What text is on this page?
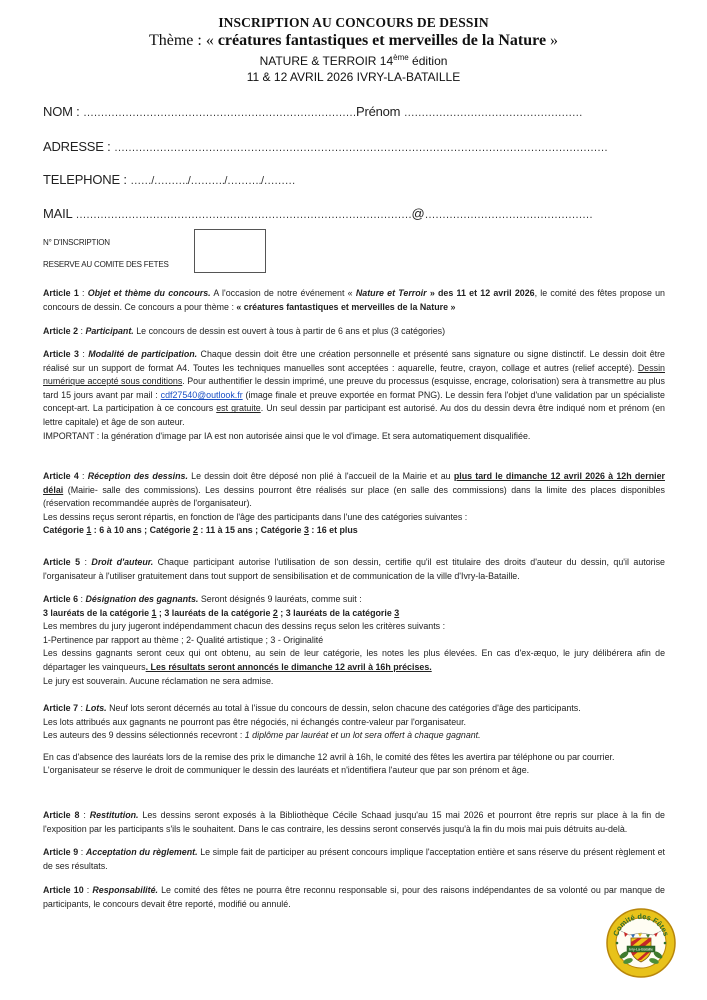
INSCRIPTION AU CONCOURS DE DESSIN
Thème : « créatures fantastiques et merveilles de la Nature »
NATURE & TERROIR 14ème édition
11 & 12 AVRIL 2026 IVRY-LA-BATAILLE
NOM : ……………………………………………………………………Prénom ……………………………………………
ADRESSE : ……………………………………………………………………………………………………………………………
TELEPHONE : ……/………./………./………./………
MAIL ……………………………………………………………………………………@…………………………………………
N° D'INSCRIPTION
RESERVE AU COMITE DES FETES

Article 1 : Objet et thème du concours. A l'occasion de notre événement « Nature et Terroir » des 11 et 12 avril 2026, le comité des fêtes propose un concours de dessin. Ce concours a pour thème : « créatures fantastiques et merveilles de la Nature »

Article 2 : Participant. Le concours de dessin est ouvert à tous à partir de 6 ans et plus (3 catégories)

Article 3 : Modalité de participation. Chaque dessin doit être une création personnelle et présenté sans signature ou signe distinctif. Le dessin doit être réalisé sur un support de format A4. Toutes les techniques manuelles sont acceptées : aquarelle, feutre, crayon, collage et autres (relief accepté). Dessin numérique accepté sous conditions. Pour authentifier le dessin imprimé, une preuve du processus (esquisse, encrage, colorisation) sera à transmettre au plus tard 15 jours avant par mail : cdf27540@outlook.fr (image finale et preuve exportée en format PNG). Le dessin fera l'objet d'une validation par un spécialiste concept-art. La participation à ce concours est gratuite. Un seul dessin par participant est autorisé. Au dos du dessin devra être indiqué nom et prénom (en lettre capitale) et âge de son auteur.

IMPORTANT : la génération d'image par IA est non autorisée ainsi que le vol d'image. Et sera automatiquement disqualifiée.

Article 4 : Réception des dessins. Le dessin doit être déposé non plié à l'accueil de la Mairie et au plus tard le dimanche 12 avril 2026 à 12h dernier délai (Mairie- salle des commissions). Les dessins pourront être réalisés sur place (en salle des commissions) dans la limite des places disponibles (réservation recommandée auprès de l'organisateur).

Les dessins reçus seront répartis, en fonction de l'âge des participants dans l'une des catégories suivantes :

Catégorie 1 : 6 à 10 ans ; Catégorie 2 : 11 à 15 ans ; Catégorie 3 : 16 et plus

Article 5 : Droit d'auteur. Chaque participant autorise l'utilisation de son dessin, certifie qu'il est titulaire des droits d'auteur du dessin, qu'il autorise l'organisateur à l'utiliser gratuitement dans tout support de sensibilisation et de communication de la ville d'Ivry-la-Bataille.

Article 6 : Désignation des gagnants. Seront désignés 9 lauréats, comme suit :

3 lauréats de la catégorie 1 ; 3 lauréats de la catégorie 2 ; 3 lauréats de la catégorie 3

Les membres du jury jugeront indépendamment chacun des dessins reçus selon les critères suivants :

1-Pertinence par rapport au thème ; 2- Qualité artistique ; 3 - Originalité

Les dessins gagnants seront ceux qui ont obtenu, au sein de leur catégorie, les notes les plus élevées. En cas d'ex-æquo, le jury délibérera afin de départager les vainqueurs. Les résultats seront annoncés le dimanche 12 avril à 16h précises.

Le jury est souverain. Aucune réclamation ne sera admise.

Article 7 : Lots. Neuf lots seront décernés au total à l'issue du concours de dessin, selon chacune des catégories d'âge des participants.

Les lots attribués aux gagnants ne pourront pas être négociés, ni échangés contre-valeur par l'organisateur.

Les auteurs des 9 dessins sélectionnés recevront : 1 diplôme par lauréat et un lot sera offert à chaque gagnant.

En cas d'absence des lauréats lors de la remise des prix le dimanche 12 avril à 16h, le comité des fêtes les avertira par téléphone ou par courrier.

L'organisateur se réserve le droit de communiquer le dessin des lauréats et n'identifiera l'auteur que par son prénom et âge.

Article 8 : Restitution. Les dessins seront exposés à la Bibliothèque Cécile Schaad jusqu'au 15 mai 2026 et pourront être repris sur place à la fin de l'exposition par les participants s'ils le souhaitent. Dans le cas contraire, les dessins seront conservés jusqu'à la fin du mois mai puis détruits au-delà.

Article 9 : Acceptation du règlement. Le simple fait de participer au présent concours implique l'acceptation entière et sans réserve du présent règlement et de ses résultats.

Article 10 : Responsabilité. Le comité des fêtes ne pourra être reconnu responsable si, pour des raisons indépendantes de sa volonté ou par manque de participants, le concours devait être reporté, modifié ou annulé.

Comité des Fêtes
Ivry-La-Bataille
